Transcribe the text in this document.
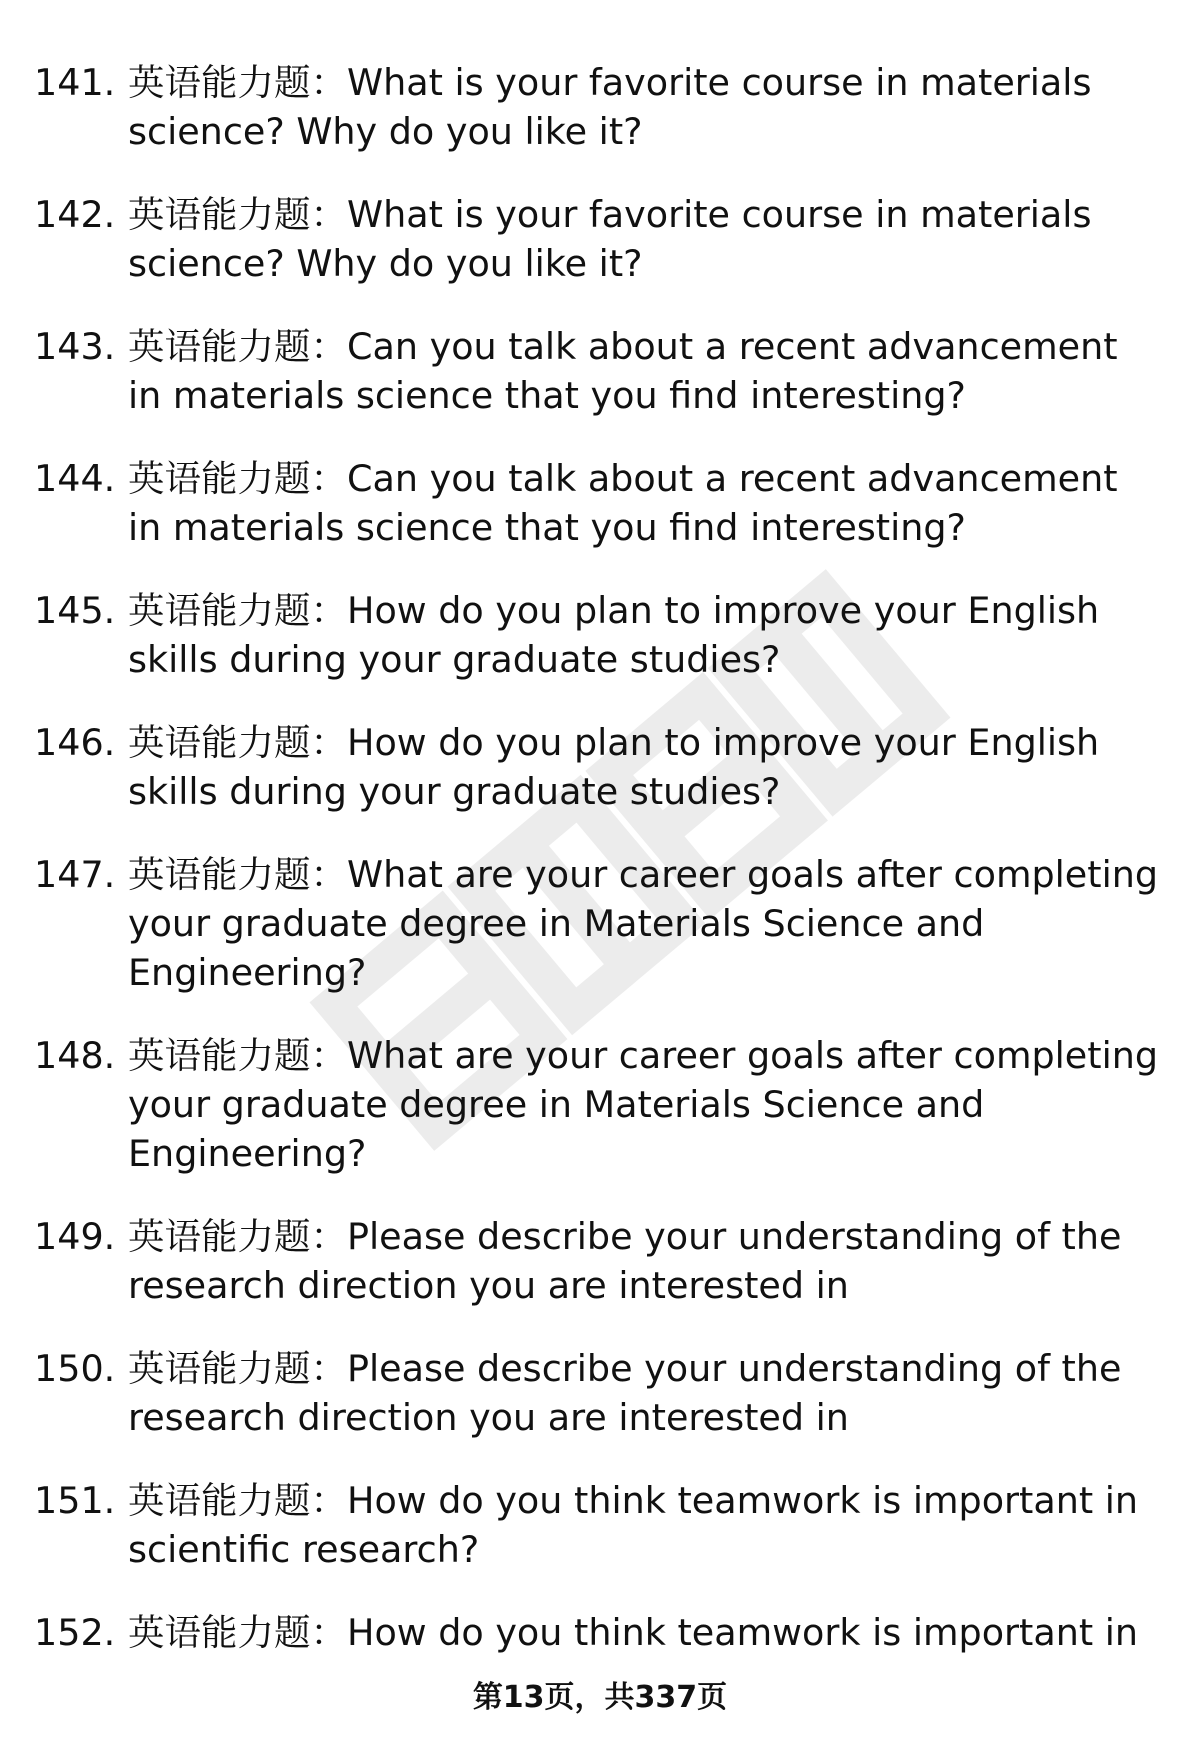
141. 英语能力题：What is your favorite course in materials science? Why do you like it?
142. 英语能力题：What is your favorite course in materials science? Why do you like it?
143. 英语能力题：Can you talk about a recent advancement in materials science that you find interesting?
144. 英语能力题：Can you talk about a recent advancement in materials science that you find interesting?
145. 英语能力题：How do you plan to improve your English skills during your graduate studies?
146. 英语能力题：How do you plan to improve your English skills during your graduate studies?
147. 英语能力题：What are your career goals after completing your graduate degree in Materials Science and Engineering?
148. 英语能力题：What are your career goals after completing your graduate degree in Materials Science and Engineering?
149. 英语能力题：Please describe your understanding of the research direction you are interested in
150. 英语能力题：Please describe your understanding of the research direction you are interested in
151. 英语能力题：How do you think teamwork is important in scientific research?
152. 英语能力题：How do you think teamwork is important in
第13页，共337页
